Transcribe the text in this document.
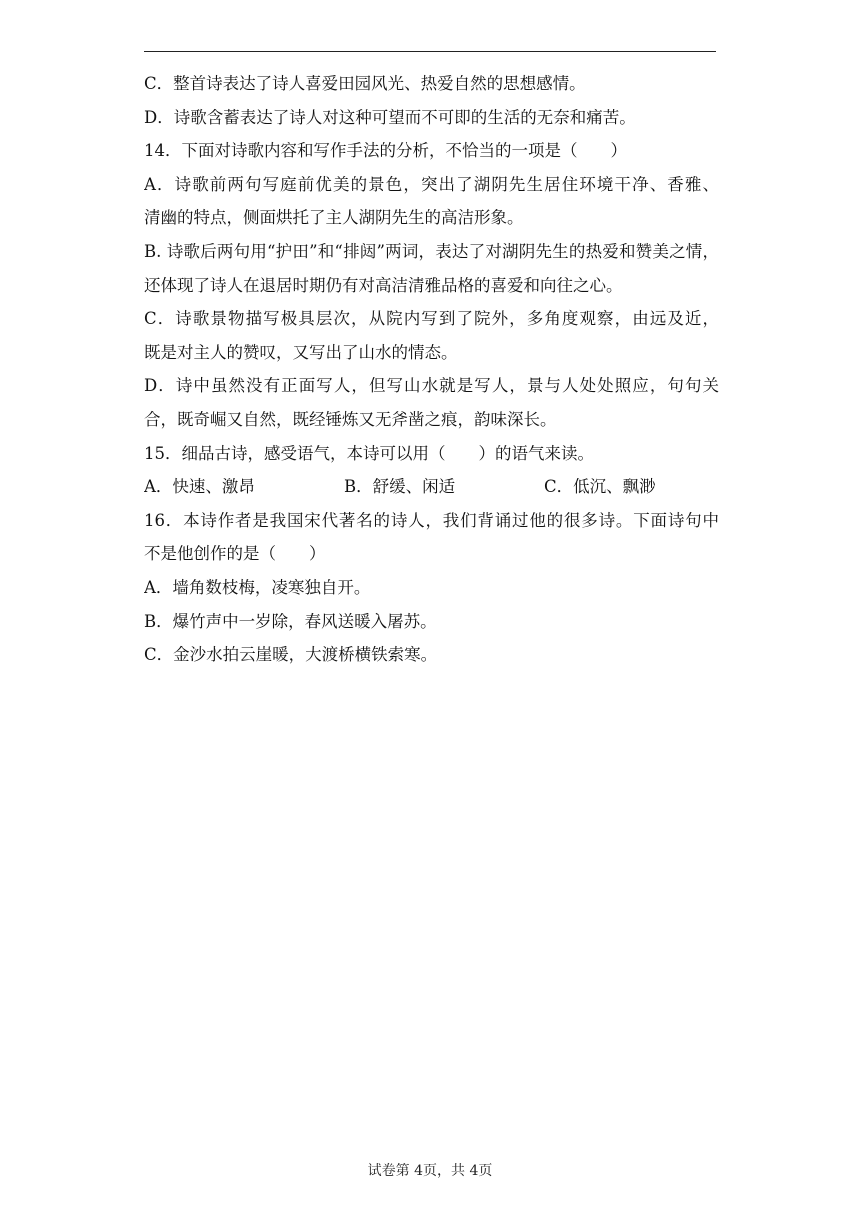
C．整首诗表达了诗人喜爱田园风光、热爱自然的思想感情。
D．诗歌含蓄表达了诗人对这种可望而不可即的生活的无奈和痛苦。
14．下面对诗歌内容和写作手法的分析，不恰当的一项是（　　）
A．诗歌前两句写庭前优美的景色，突出了湖阴先生居住环境干净、香雅、
清幽的特点，侧面烘托了主人湖阴先生的高洁形象。
B. 诗歌后两句用“护田”和“排闼”两词，表达了对湖阴先生的热爱和赞美之情，
还体现了诗人在退居时期仍有对高洁清雅品格的喜爱和向往之心。
C．诗歌景物描写极具层次，从院内写到了院外，多角度观察，由远及近，
既是对主人的赞叹，又写出了山水的情态。
D．诗中虽然没有正面写人，但写山水就是写人，景与人处处照应，句句关
合，既奇崛又自然，既经锤炼又无斧凿之痕，韵味深长。
15．细品古诗，感受语气，本诗可以用（　　）的语气来读。
A．快速、激昂	B．舒缓、闲适	C．低沉、飘渺
16．本诗作者是我国宋代著名的诗人，我们背诵过他的很多诗。下面诗句中
不是他创作的是（　　）
A．墙角数枝梅，凌寒独自开。
B．爆竹声中一岁除，春风送暖入屠苏。
C．金沙水拍云崖暖，大渡桥横铁索寒。
试卷第 4页，共 4页
